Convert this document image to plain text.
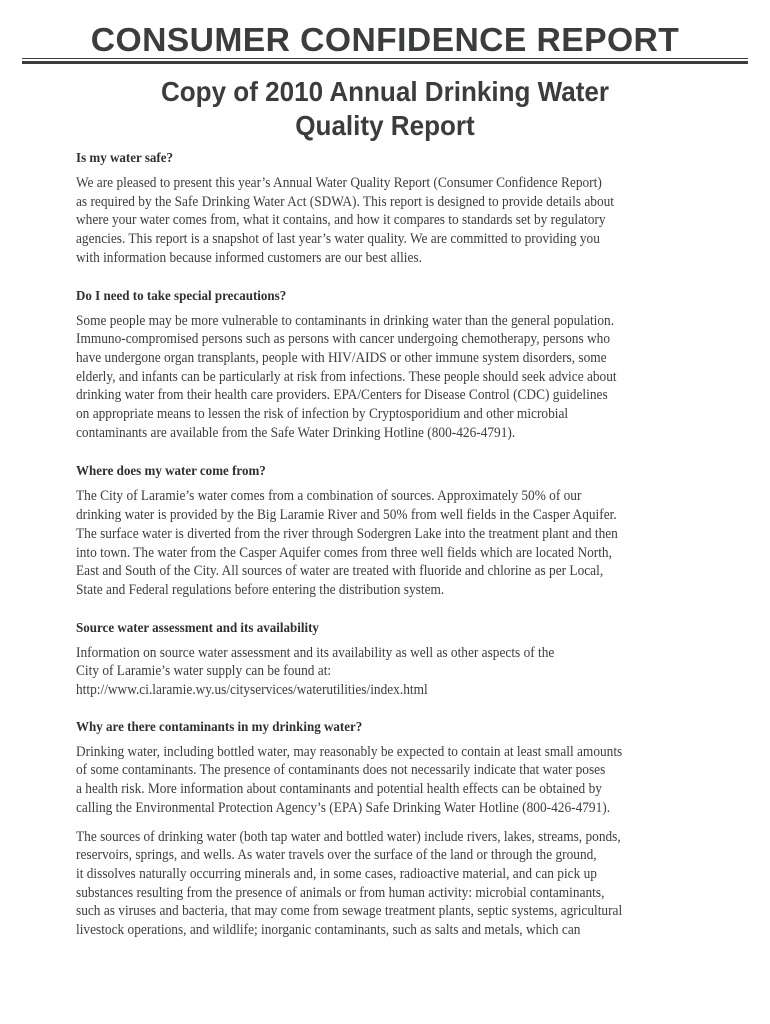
CONSUMER CONFIDENCE REPORT
Copy of 2010 Annual Drinking Water
Quality Report
Is my water safe?
We are pleased to present this year’s Annual Water Quality Report (Consumer Confidence Report)
as required by the Safe Drinking Water Act (SDWA). This report is designed to provide details about
where your water comes from, what it contains, and how it compares to standards set by regulatory
agencies. This report is a snapshot of last year’s water quality. We are committed to providing you
with information because informed customers are our best allies.
Do I need to take special precautions?
Some people may be more vulnerable to contaminants in drinking water than the general population.
Immuno-compromised persons such as persons with cancer undergoing chemotherapy, persons who
have undergone organ transplants, people with HIV/AIDS or other immune system disorders, some
elderly, and infants can be particularly at risk from infections. These people should seek advice about
drinking water from their health care providers. EPA/Centers for Disease Control (CDC) guidelines
on appropriate means to lessen the risk of infection by Cryptosporidium and other microbial
contaminants are available from the Safe Water Drinking Hotline (800-426-4791).
Where does my water come from?
The City of Laramie’s water comes from a combination of sources. Approximately 50% of our
drinking water is provided by the Big Laramie River and 50% from well fields in the Casper Aquifer.
The surface water is diverted from the river through Sodergren Lake into the treatment plant and then
into town. The water from the Casper Aquifer comes from three well fields which are located North,
East and South of the City. All sources of water are treated with fluoride and chlorine as per Local,
State and Federal regulations before entering the distribution system.
Source water assessment and its availability
Information on source water assessment and its availability as well as other aspects of the
City of Laramie’s water supply can be found at:
http://www.ci.laramie.wy.us/cityservices/waterutilities/index.html
Why are there contaminants in my drinking water?
Drinking water, including bottled water, may reasonably be expected to contain at least small amounts
of some contaminants. The presence of contaminants does not necessarily indicate that water poses
a health risk. More information about contaminants and potential health effects can be obtained by
calling the Environmental Protection Agency’s (EPA) Safe Drinking Water Hotline (800-426-4791).
The sources of drinking water (both tap water and bottled water) include rivers, lakes, streams, ponds,
reservoirs, springs, and wells. As water travels over the surface of the land or through the ground,
it dissolves naturally occurring minerals and, in some cases, radioactive material, and can pick up
substances resulting from the presence of animals or from human activity: microbial contaminants,
such as viruses and bacteria, that may come from sewage treatment plants, septic systems, agricultural
livestock operations, and wildlife; inorganic contaminants, such as salts and metals, which can
